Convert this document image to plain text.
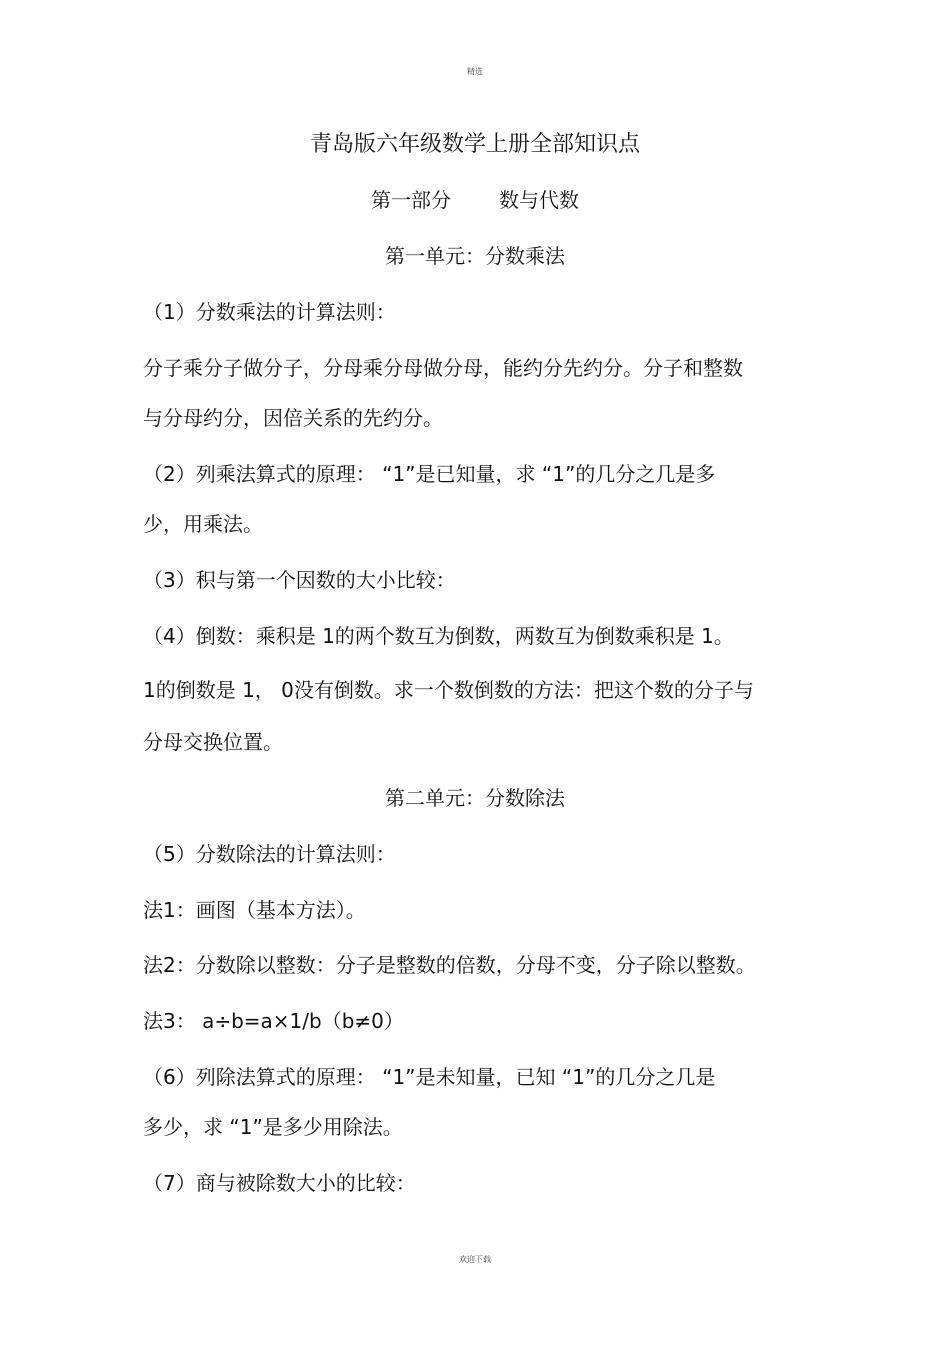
精选
青岛版六年级数学上册全部知识点
第一部分 数与代数
第一单元：分数乘法
（1）分数乘法的计算法则：
分子乘分子做分子，分母乘分母做分母，能约分先约分。分子和整数
与分母约分，因倍关系的先约分。
（2）列乘法算式的原理： “1”是已知量，求 “1”的几分之几是多
少，用乘法。
（3）积与第一个因数的大小比较：
（4）倒数：乘积是 1的两个数互为倒数，两数互为倒数乘积是 1。
1的倒数是 1， 0没有倒数。求一个数倒数的方法：把这个数的分子与
分母交换位置。
第二单元：分数除法
（5）分数除法的计算法则：
法1：画图（基本方法）。
法2：分数除以整数：分子是整数的倍数，分母不变，分子除以整数。
法3： a÷b=a×1/b（b≠0）
（6）列除法算式的原理： “1”是未知量，已知 “1”的几分之几是
多少，求 “1”是多少用除法。
（7）商与被除数大小的比较：
欢迎下载
